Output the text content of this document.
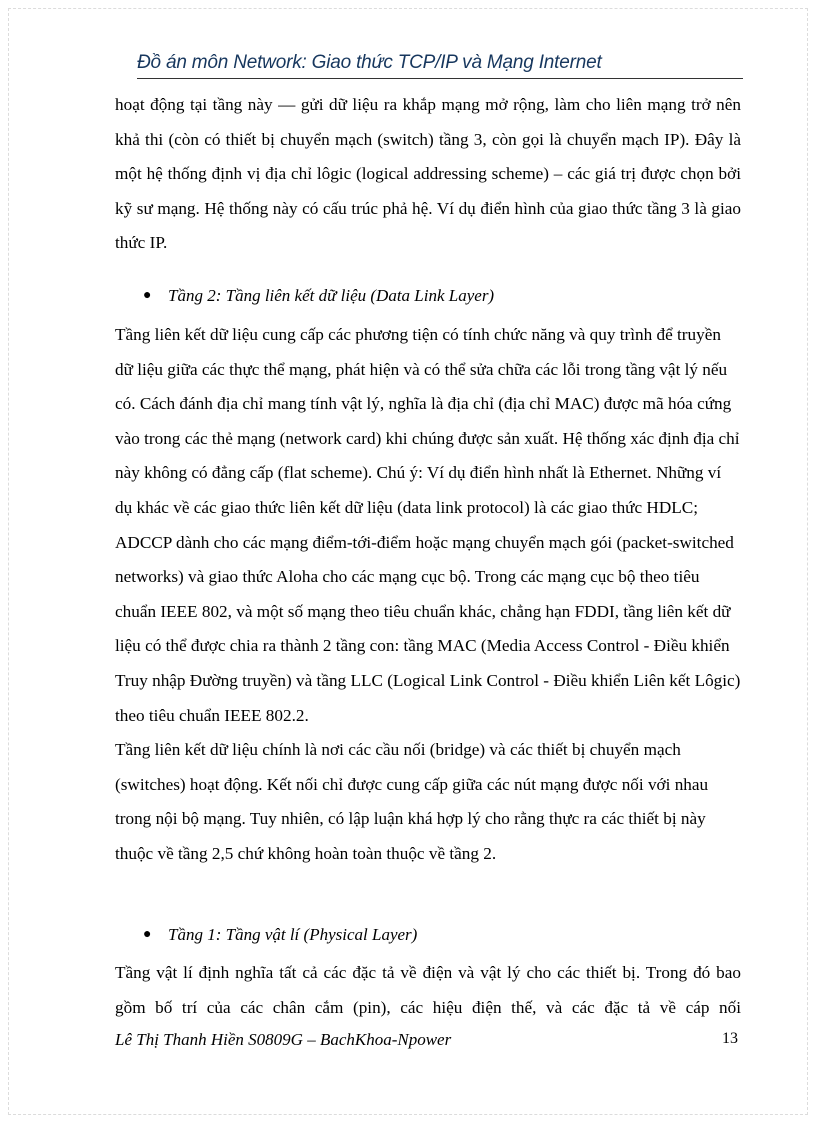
Đồ án môn Network: Giao thức TCP/IP và Mạng Internet

hoạt động tại tầng này — gửi dữ liệu ra khắp mạng mở rộng, làm cho liên mạng trở nên khả thi (còn có thiết bị chuyển mạch (switch) tầng 3, còn gọi là chuyển mạch IP). Đây là một hệ thống định vị địa chỉ lôgic (logical addressing scheme) – các giá trị được chọn bởi kỹ sư mạng. Hệ thống này có cấu trúc phả hệ. Ví dụ điển hình của giao thức tầng 3 là giao thức IP.

● Tầng 2: Tầng liên kết dữ liệu (Data Link Layer)

Tầng liên kết dữ liệu cung cấp các phương tiện có tính chức năng và quy trình để truyền dữ liệu giữa các thực thể mạng, phát hiện và có thể sửa chữa các lỗi trong tầng vật lý nếu có. Cách đánh địa chỉ mang tính vật lý, nghĩa là địa chỉ (địa chỉ MAC) được mã hóa cứng vào trong các thẻ mạng (network card) khi chúng được sản xuất. Hệ thống xác định địa chỉ này không có đẳng cấp (flat scheme). Chú ý: Ví dụ điển hình nhất là Ethernet. Những ví dụ khác về các giao thức liên kết dữ liệu (data link protocol) là các giao thức HDLC; ADCCP dành cho các mạng điểm-tới-điểm hoặc mạng chuyển mạch gói (packet-switched networks) và giao thức Aloha cho các mạng cục bộ. Trong các mạng cục bộ theo tiêu chuẩn IEEE 802, và một số mạng theo tiêu chuẩn khác, chẳng hạn FDDI, tầng liên kết dữ liệu có thể được chia ra thành 2 tầng con: tầng MAC (Media Access Control - Điều khiển Truy nhập Đường truyền) và tầng LLC (Logical Link Control - Điều khiển Liên kết Lôgic) theo tiêu chuẩn IEEE 802.2.

Tầng liên kết dữ liệu chính là nơi các cầu nối (bridge) và các thiết bị chuyển mạch (switches) hoạt động. Kết nối chỉ được cung cấp giữa các nút mạng được nối với nhau trong nội bộ mạng. Tuy nhiên, có lập luận khá hợp lý cho rằng thực ra các thiết bị này thuộc về tầng 2,5 chứ không hoàn toàn thuộc về tầng 2.

● Tầng 1: Tầng vật lí (Physical Layer)

Tầng vật lí định nghĩa tất cả các đặc tả về điện và vật lý cho các thiết bị. Trong đó bao gồm bố trí của các chân cắm (pin), các hiệu điện thế, và các đặc tả về cáp nối

Lê Thị Thanh Hiền S0809G – BachKhoa-Npower	13
